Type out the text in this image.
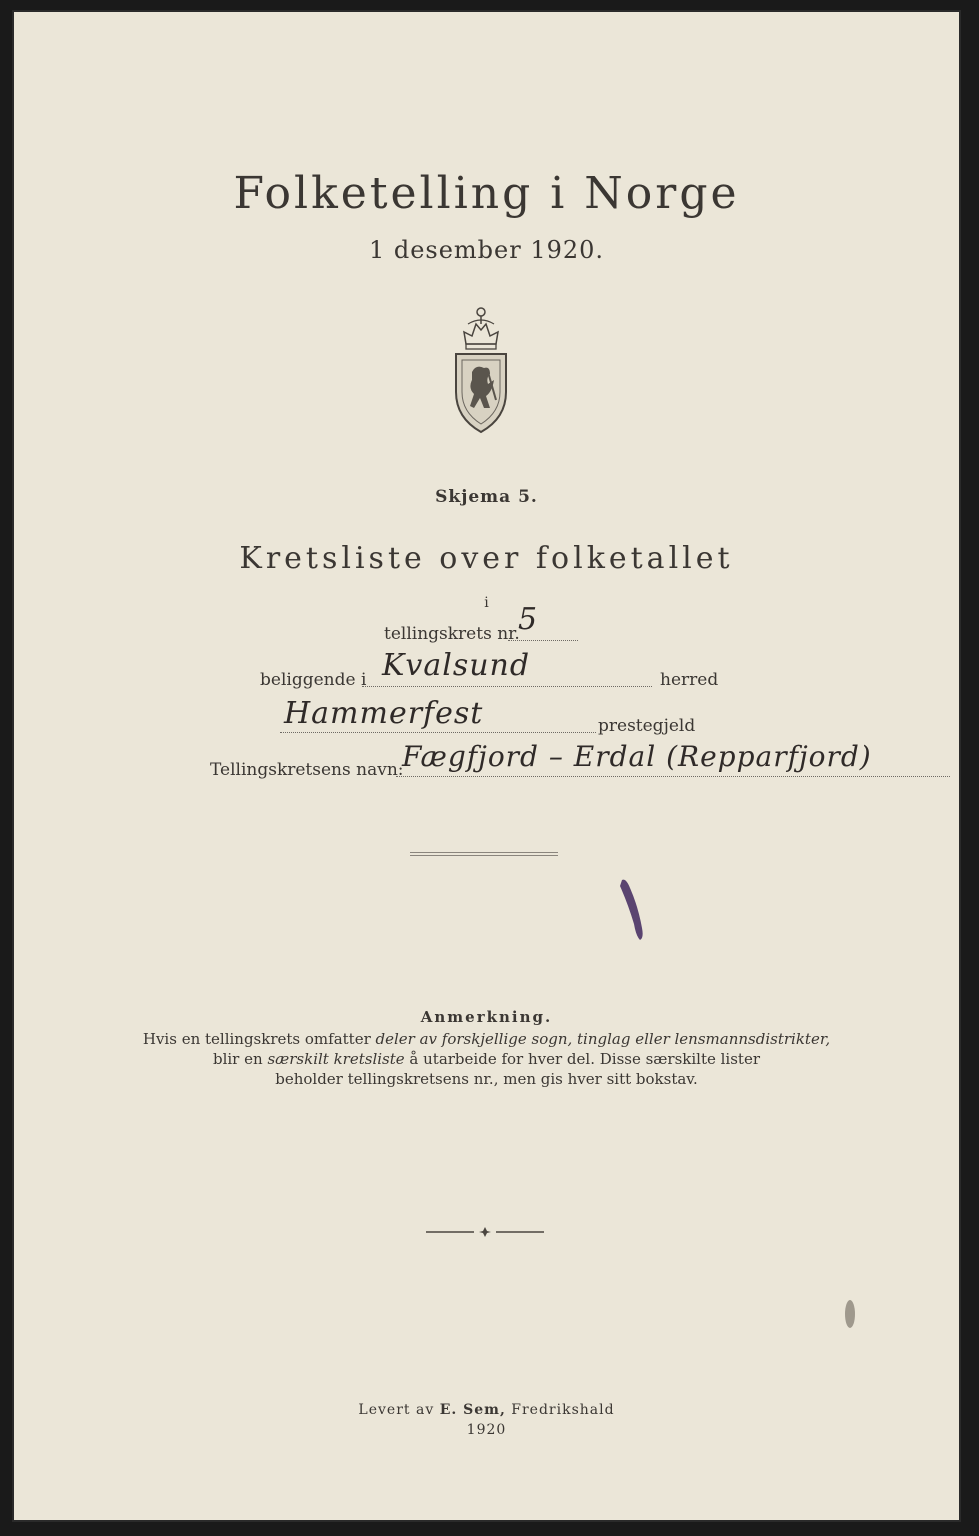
Folketelling i Norge
1 desember 1920.
Skjema 5.
Kretsliste over folketallet
i
tellingskrets nr.
5
beliggende i Kvalsund	herred
Hammerfest	prestegjeld
Tellingskretsens navn:
Fægfjord – Erdal (Repparfjord)
Anmerkning.
Hvis en tellingskrets omfatter deler av forskjellige sogn, tinglag eller lensmannsdistrikter,
blir en særskilt kretsliste å utarbeide for hver del. Disse særskilte lister
beholder tellingskretsens nr., men gis hver sitt bokstav.
Levert av E. Sem, Fredrikshald
1920
